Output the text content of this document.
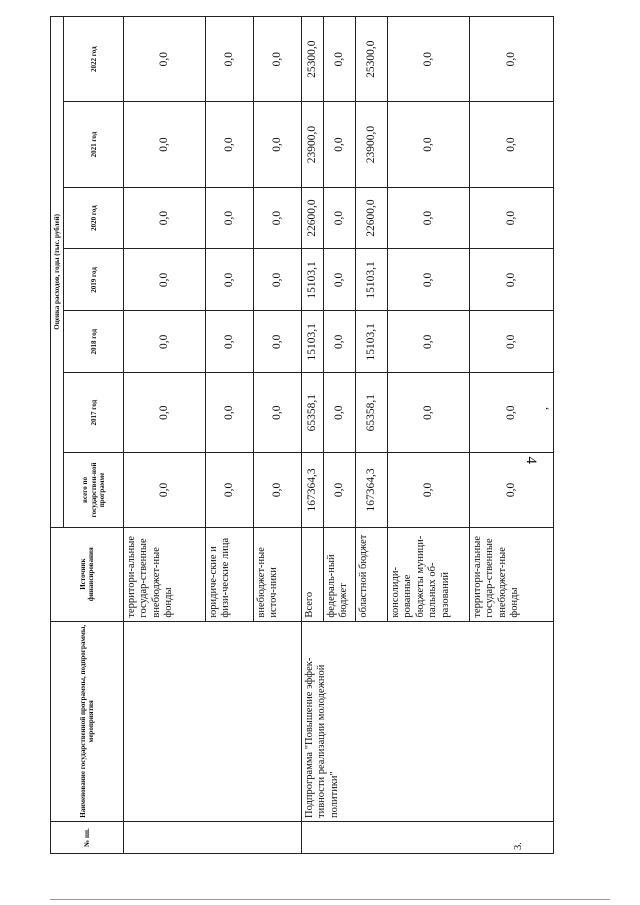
№ пп.	Наименование государственной программы, подпрограммы, мероприятия	Источник финансирования	Оценка расходов, годы (тыс. рублей)						
			всего по государствен-ной программе	2017 год	2018 год	2019 год	2020 год	2021 год	2022 год
		территори-альные государ-ственные внебюджет-ные фонды	0,0	0,0	0,0	0,0	0,0	0,0	0,0
		юридиче-ские и физи-ческие лица	0,0	0,0	0,0	0,0	0,0	0,0	0,0
		внебюджет-ные источ-ники	0,0	0,0	0,0	0,0	0,0	0,0	0,0
3.	Подпрограмма "Повышение эффек-тивности реализации молодежной политики"	Всего	167364,3	65358,1	15103,1	15103,1	22600,0	23900,0	25300,0
		федераль-ный бюджет	0,0	0,0	0,0	0,0	0,0	0,0	0,0
		областной бюджет	167364,3	65358,1	15103,1	15103,1	22600,0	23900,0	25300,0
		консолиди-рованные бюджеты муници-пальных об-разований	0,0	0,0	0,0	0,0	0,0	0,0	0,0
		территори-альные государ-ственные внебюджет-ные фонды	0,0	0,0	0,0	0,0	0,0	0,0	0,0
4
,
